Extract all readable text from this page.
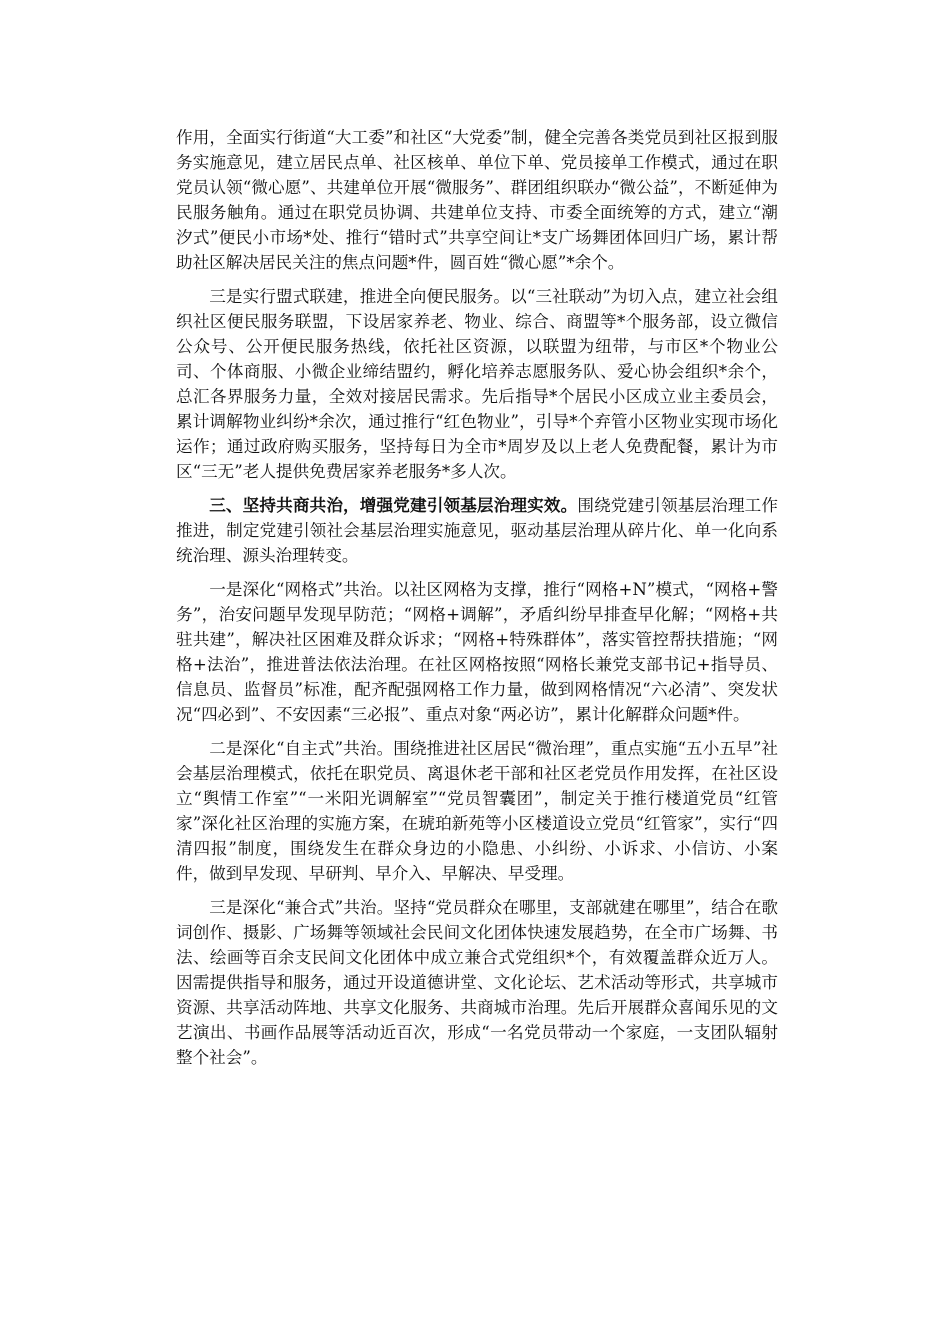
作用，全面实行街道“大工委”和社区“大党委”制，健全完善各类党员到社区报到服务实施意见，建立居民点单、社区核单、单位下单、党员接单工作模式，通过在职党员认领“微心愿”、共建单位开展“微服务”、群团组织联办“微公益”，不断延伸为民服务触角。通过在职党员协调、共建单位支持、市委全面统筹的方式，建立“潮汐式”便民小市场*处、推行“错时式”共享空间让*支广场舞团体回归广场，累计帮助社区解决居民关注的焦点问题*件，圆百姓“微心愿”*余个。

三是实行盟式联建，推进全向便民服务。以“三社联动”为切入点，建立社会组织社区便民服务联盟，下设居家养老、物业、综合、商盟等*个服务部，设立微信公众号、公开便民服务热线，依托社区资源，以联盟为纽带，与市区*个物业公司、个体商服、小微企业缔结盟约，孵化培养志愿服务队、爱心协会组织*余个，总汇各界服务力量，全效对接居民需求。先后指导*个居民小区成立业主委员会，累计调解物业纠纷*余次，通过推行“红色物业”，引导*个弃管小区物业实现市场化运作；通过政府购买服务，坚持每日为全市*周岁及以上老人免费配餐，累计为市区“三无”老人提供免费居家养老服务*多人次。

三、坚持共商共治，增强党建引领基层治理实效。围绕党建引领基层治理工作推进，制定党建引领社会基层治理实施意见，驱动基层治理从碎片化、单一化向系统治理、源头治理转变。

一是深化“网格式”共治。以社区网格为支撑，推行“网格+N”模式，“网格+警务”，治安问题早发现早防范；“网格+调解”，矛盾纠纷早排查早化解；“网格+共驻共建”，解决社区困难及群众诉求；“网格+特殊群体”，落实管控帮扶措施；“网格+法治”，推进普法依法治理。在社区网格按照“网格长兼党支部书记+指导员、信息员、监督员”标准，配齐配强网格工作力量，做到网格情况“六必清”、突发状况“四必到”、不安因素“三必报”、重点对象“两必访”，累计化解群众问题*件。

二是深化“自主式”共治。围绕推进社区居民“微治理”，重点实施“五小五早”社会基层治理模式，依托在职党员、离退休老干部和社区老党员作用发挥，在社区设立“舆情工作室”“一米阳光调解室”“党员智囊团”，制定关于推行楼道党员“红管家”深化社区治理的实施方案，在琥珀新苑等小区楼道设立党员“红管家”，实行“四清四报”制度，围绕发生在群众身边的小隐患、小纠纷、小诉求、小信访、小案件，做到早发现、早研判、早介入、早解决、早受理。

三是深化“兼合式”共治。坚持“党员群众在哪里，支部就建在哪里”，结合在歌词创作、摄影、广场舞等领域社会民间文化团体快速发展趋势，在全市广场舞、书法、绘画等百余支民间文化团体中成立兼合式党组织*个，有效覆盖群众近万人。因需提供指导和服务，通过开设道德讲堂、文化论坛、艺术活动等形式，共享城市资源、共享活动阵地、共享文化服务、共商城市治理。先后开展群众喜闻乐见的文艺演出、书画作品展等活动近百次，形成“一名党员带动一个家庭，一支团队辐射整个社会”。
